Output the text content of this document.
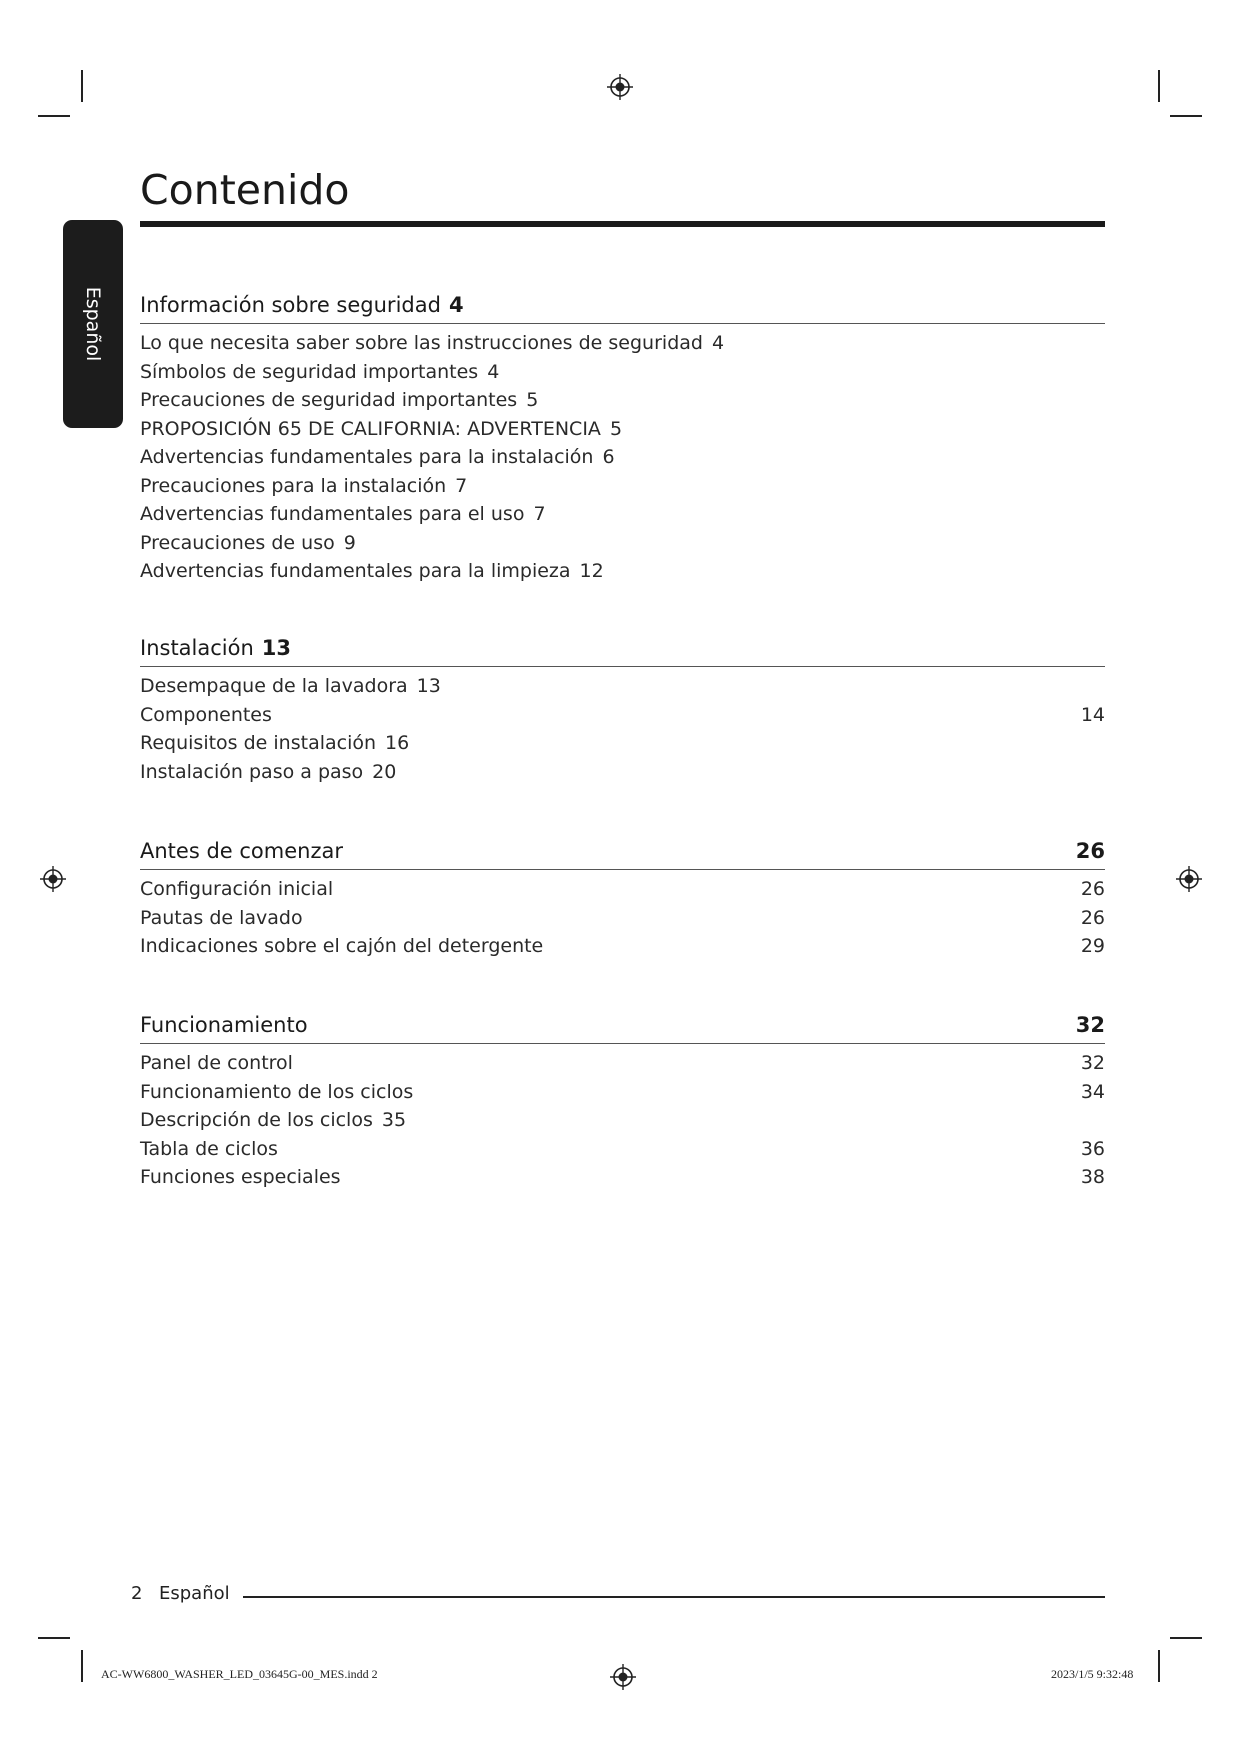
Español
Contenido
Información sobre seguridad 4
Lo que necesita saber sobre las instrucciones de seguridad 4
Símbolos de seguridad importantes 4
Precauciones de seguridad importantes 5
PROPOSICIÓN 65 DE CALIFORNIA: ADVERTENCIA 5
Advertencias fundamentales para la instalación 6
Precauciones para la instalación 7
Advertencias fundamentales para el uso 7
Precauciones de uso 9
Advertencias fundamentales para la limpieza 12
Instalación 13
Desempaque de la lavadora 13
Componentes	14
Requisitos de instalación 16
Instalación paso a paso 20
Antes de comenzar	26
Configuración inicial	26
Pautas de lavado	26
Indicaciones sobre el cajón del detergente	29
Funcionamiento	32
Panel de control	32
Funcionamiento de los ciclos	34
Descripción de los ciclos 35
Tabla de ciclos	36
Funciones especiales	38
2 Español
AC-WW6800_WASHER_LED_03645G-00_MES.indd 2	2023/1/5 9:32:48
